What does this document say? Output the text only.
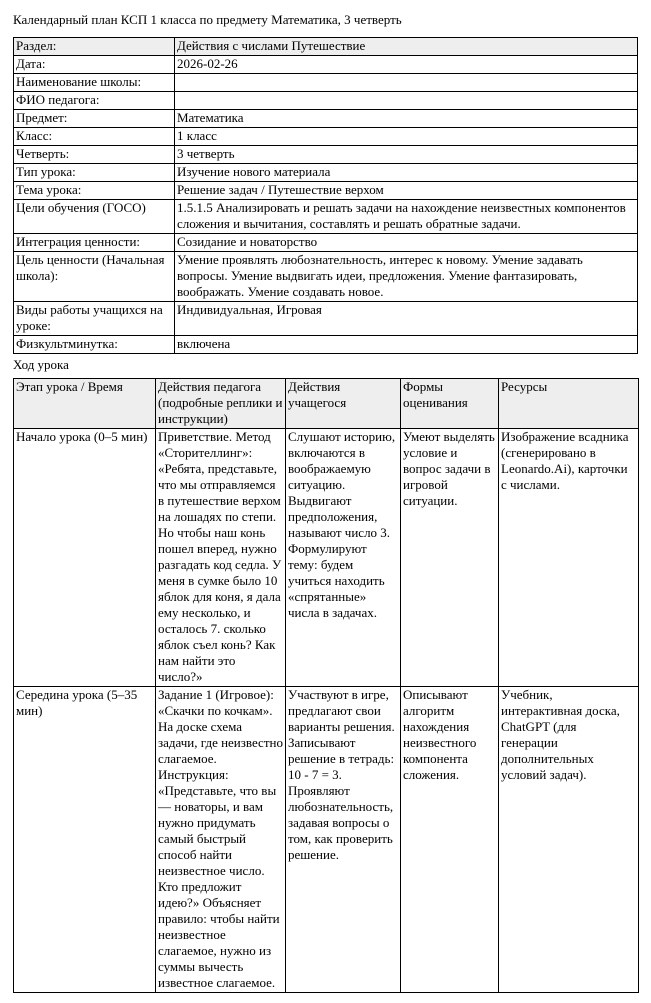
Календарный план КСП 1 класса по предмету Математика, 3 четверть
Раздел:	Действия с числами Путешествие
Дата:	2026-02-26
Наименование школы:	
ФИО педагога:	
Предмет:	Математика
Класс:	1 класс
Четверть:	3 четверть
Тип урока:	Изучение нового материала
Тема урока:	Решение задач / Путешествие верхом
Цели обучения (ГОСО)	1.5.1.5 Анализировать и решать задачи на нахождение неизвестных компонентов сложения и вычитания, составлять и решать обратные задачи.
Интеграция ценности:	Созидание и новаторство
Цель ценности (Начальная школа):	Умение проявлять любознательность, интерес к новому. Умение задавать вопросы. Умение выдвигать идеи, предложения. Умение фантазировать, воображать. Умение создавать новое.
Виды работы учащихся на уроке:	Индивидуальная, Игровая
Физкультминутка:	включена
Ход урока
Этап урока / Время	Действия педагога (подробные реплики и инструкции)	Действия учащегося	Формы оценивания	Ресурсы
Начало урока (0–5 мин)	Приветствие. Метод «Сторителлинг»: «Ребята, представьте, что мы отправляемся в путешествие верхом на лошадях по степи. Но чтобы наш конь пошел вперед, нужно разгадать код седла. У меня в сумке было 10 яблок для коня, я дала ему несколько, и осталось 7. сколько яблок съел конь? Как нам найти это число?»	Слушают историю, включаются в воображаемую ситуацию. Выдвигают предположения, называют число 3. Формулируют тему: будем учиться находить «спрятанные» числа в задачах.	Умеют выделять условие и вопрос задачи в игровой ситуации.	Изображение всадника (сгенерировано в Leonardo.Ai), карточки с числами.
Середина урока (5–35 мин)	Задание 1 (Игровое): «Скачки по кочкам». На доске схема задачи, где неизвестно слагаемое. Инструкция: «Представьте, что вы — новаторы, и вам нужно придумать самый быстрый способ найти неизвестное число. Кто предложит идею?» Объясняет правило: чтобы найти неизвестное слагаемое, нужно из суммы вычесть известное слагаемое.	Участвуют в игре, предлагают свои варианты решения. Записывают решение в тетрадь: 10 - 7 = 3. Проявляют любознательность, задавая вопросы о том, как проверить решение.	Описывают алгоритм нахождения неизвестного компонента сложения.	Учебник, интерактивная доска, ChatGPT (для генерации дополнительных условий задач).
